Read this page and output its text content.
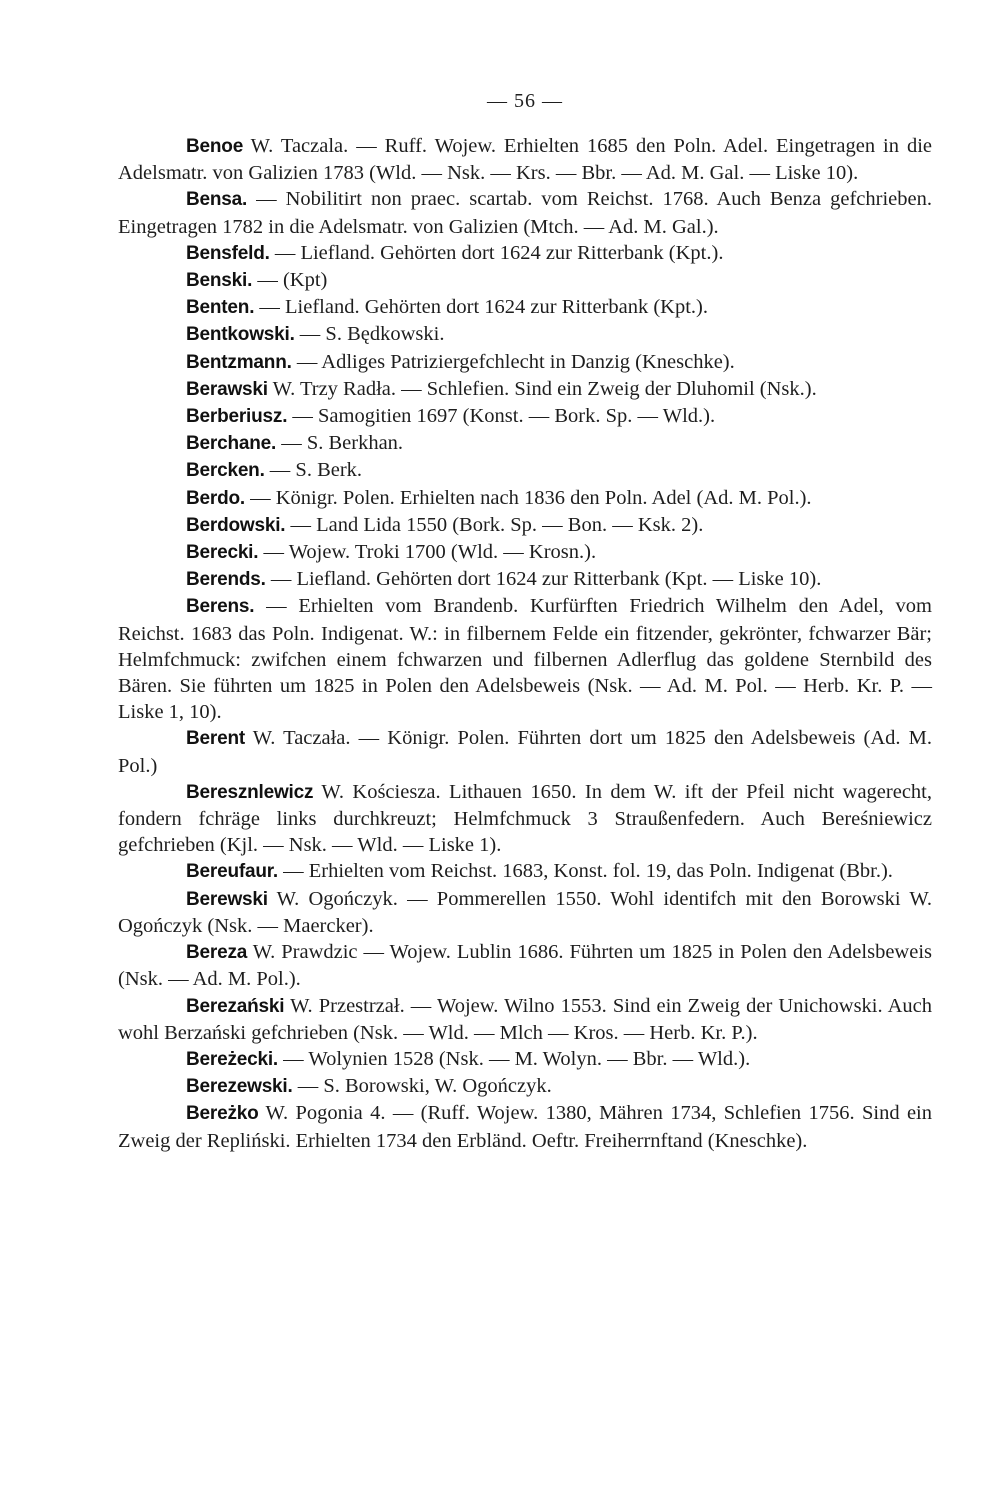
— 56 —

Benoe W. Taczala. — Ruff. Wojew. Erhielten 1685 den Poln. Adel. Eingetragen in die Adelsmatr. von Galizien 1783 (Wld. — Nsk. — Krs. — Bbr. — Ad. M. Gal. — Liske 10).

Bensa. — Nobilitirt non praec. scartab. vom Reichst. 1768. Auch Benza gefchrieben. Eingetragen 1782 in die Adelsmatr. von Galizien (Mtch. — Ad. M. Gal.).

Bensfeld. — Liefland. Gehörten dort 1624 zur Ritterbank (Kpt.).

Benski. — (Kpt)

Benten. — Liefland. Gehörten dort 1624 zur Ritterbank (Kpt.).

Bentkowski. — S. Będkowski.

Bentzmann. — Adliges Patriziergefchlecht in Danzig (Kneschke).

Berawski W. Trzy Radła. — Schlefien. Sind ein Zweig der Dluhomil (Nsk.).

Berberiusz. — Samogitien 1697 (Konst. — Bork. Sp. — Wld.).

Berchane. — S. Berkhan.

Bercken. — S. Berk.

Berdo. — Königr. Polen. Erhielten nach 1836 den Poln. Adel (Ad. M. Pol.).

Berdowski. — Land Lida 1550 (Bork. Sp. — Bon. — Ksk. 2).

Berecki. — Wojew. Troki 1700 (Wld. — Krosn.).

Berends. — Liefland. Gehörten dort 1624 zur Ritterbank (Kpt. — Liske 10).

Berens. — Erhielten vom Brandenb. Kurfürften Friedrich Wilhelm den Adel, vom Reichst. 1683 das Poln. Indigenat. W.: in filbernem Felde ein fitzender, gekrönter, fchwarzer Bär; Helmfchmuck: zwifchen einem fchwarzen und filbernen Adlerflug das goldene Sternbild des Bären. Sie führten um 1825 in Polen den Adelsbeweis (Nsk. — Ad. M. Pol. — Herb. Kr. P. — Liske 1, 10).

Berent W. Taczała. — Königr. Polen. Führten dort um 1825 den Adelsbeweis (Ad. M. Pol.)

Beresznlewicz W. Kościesza. Lithauen 1650. In dem W. ift der Pfeil nicht wagerecht, fondern fchräge links durchkreuzt; Helmfchmuck 3 Straußenfedern. Auch Bereśniewicz gefchrieben (Kjl. — Nsk. — Wld. — Liske 1).

Bereufaur. — Erhielten vom Reichst. 1683, Konst. fol. 19, das Poln. Indigenat (Bbr.).

Berewski W. Ogończyk. — Pommerellen 1550. Wohl identifch mit den Borowski W. Ogończyk (Nsk. — Maercker).

Bereza W. Prawdzic — Wojew. Lublin 1686. Führten um 1825 in Polen den Adelsbeweis (Nsk. — Ad. M. Pol.).

Berezański W. Przestrzał. — Wojew. Wilno 1553. Sind ein Zweig der Unichowski. Auch wohl Berzański gefchrieben (Nsk. — Wld. — Mlch — Kros. — Herb. Kr. P.).

Bereżecki. — Wolynien 1528 (Nsk. — M. Wolyn. — Bbr. — Wld.).

Berezewski. — S. Borowski, W. Ogończyk.

Bereżko W. Pogonia 4. — (Ruff. Wojew. 1380, Mähren 1734, Schlefien 1756. Sind ein Zweig der Repliński. Erhielten 1734 den Erbländ. Oeftr. Freiherrnftand (Kneschke).
